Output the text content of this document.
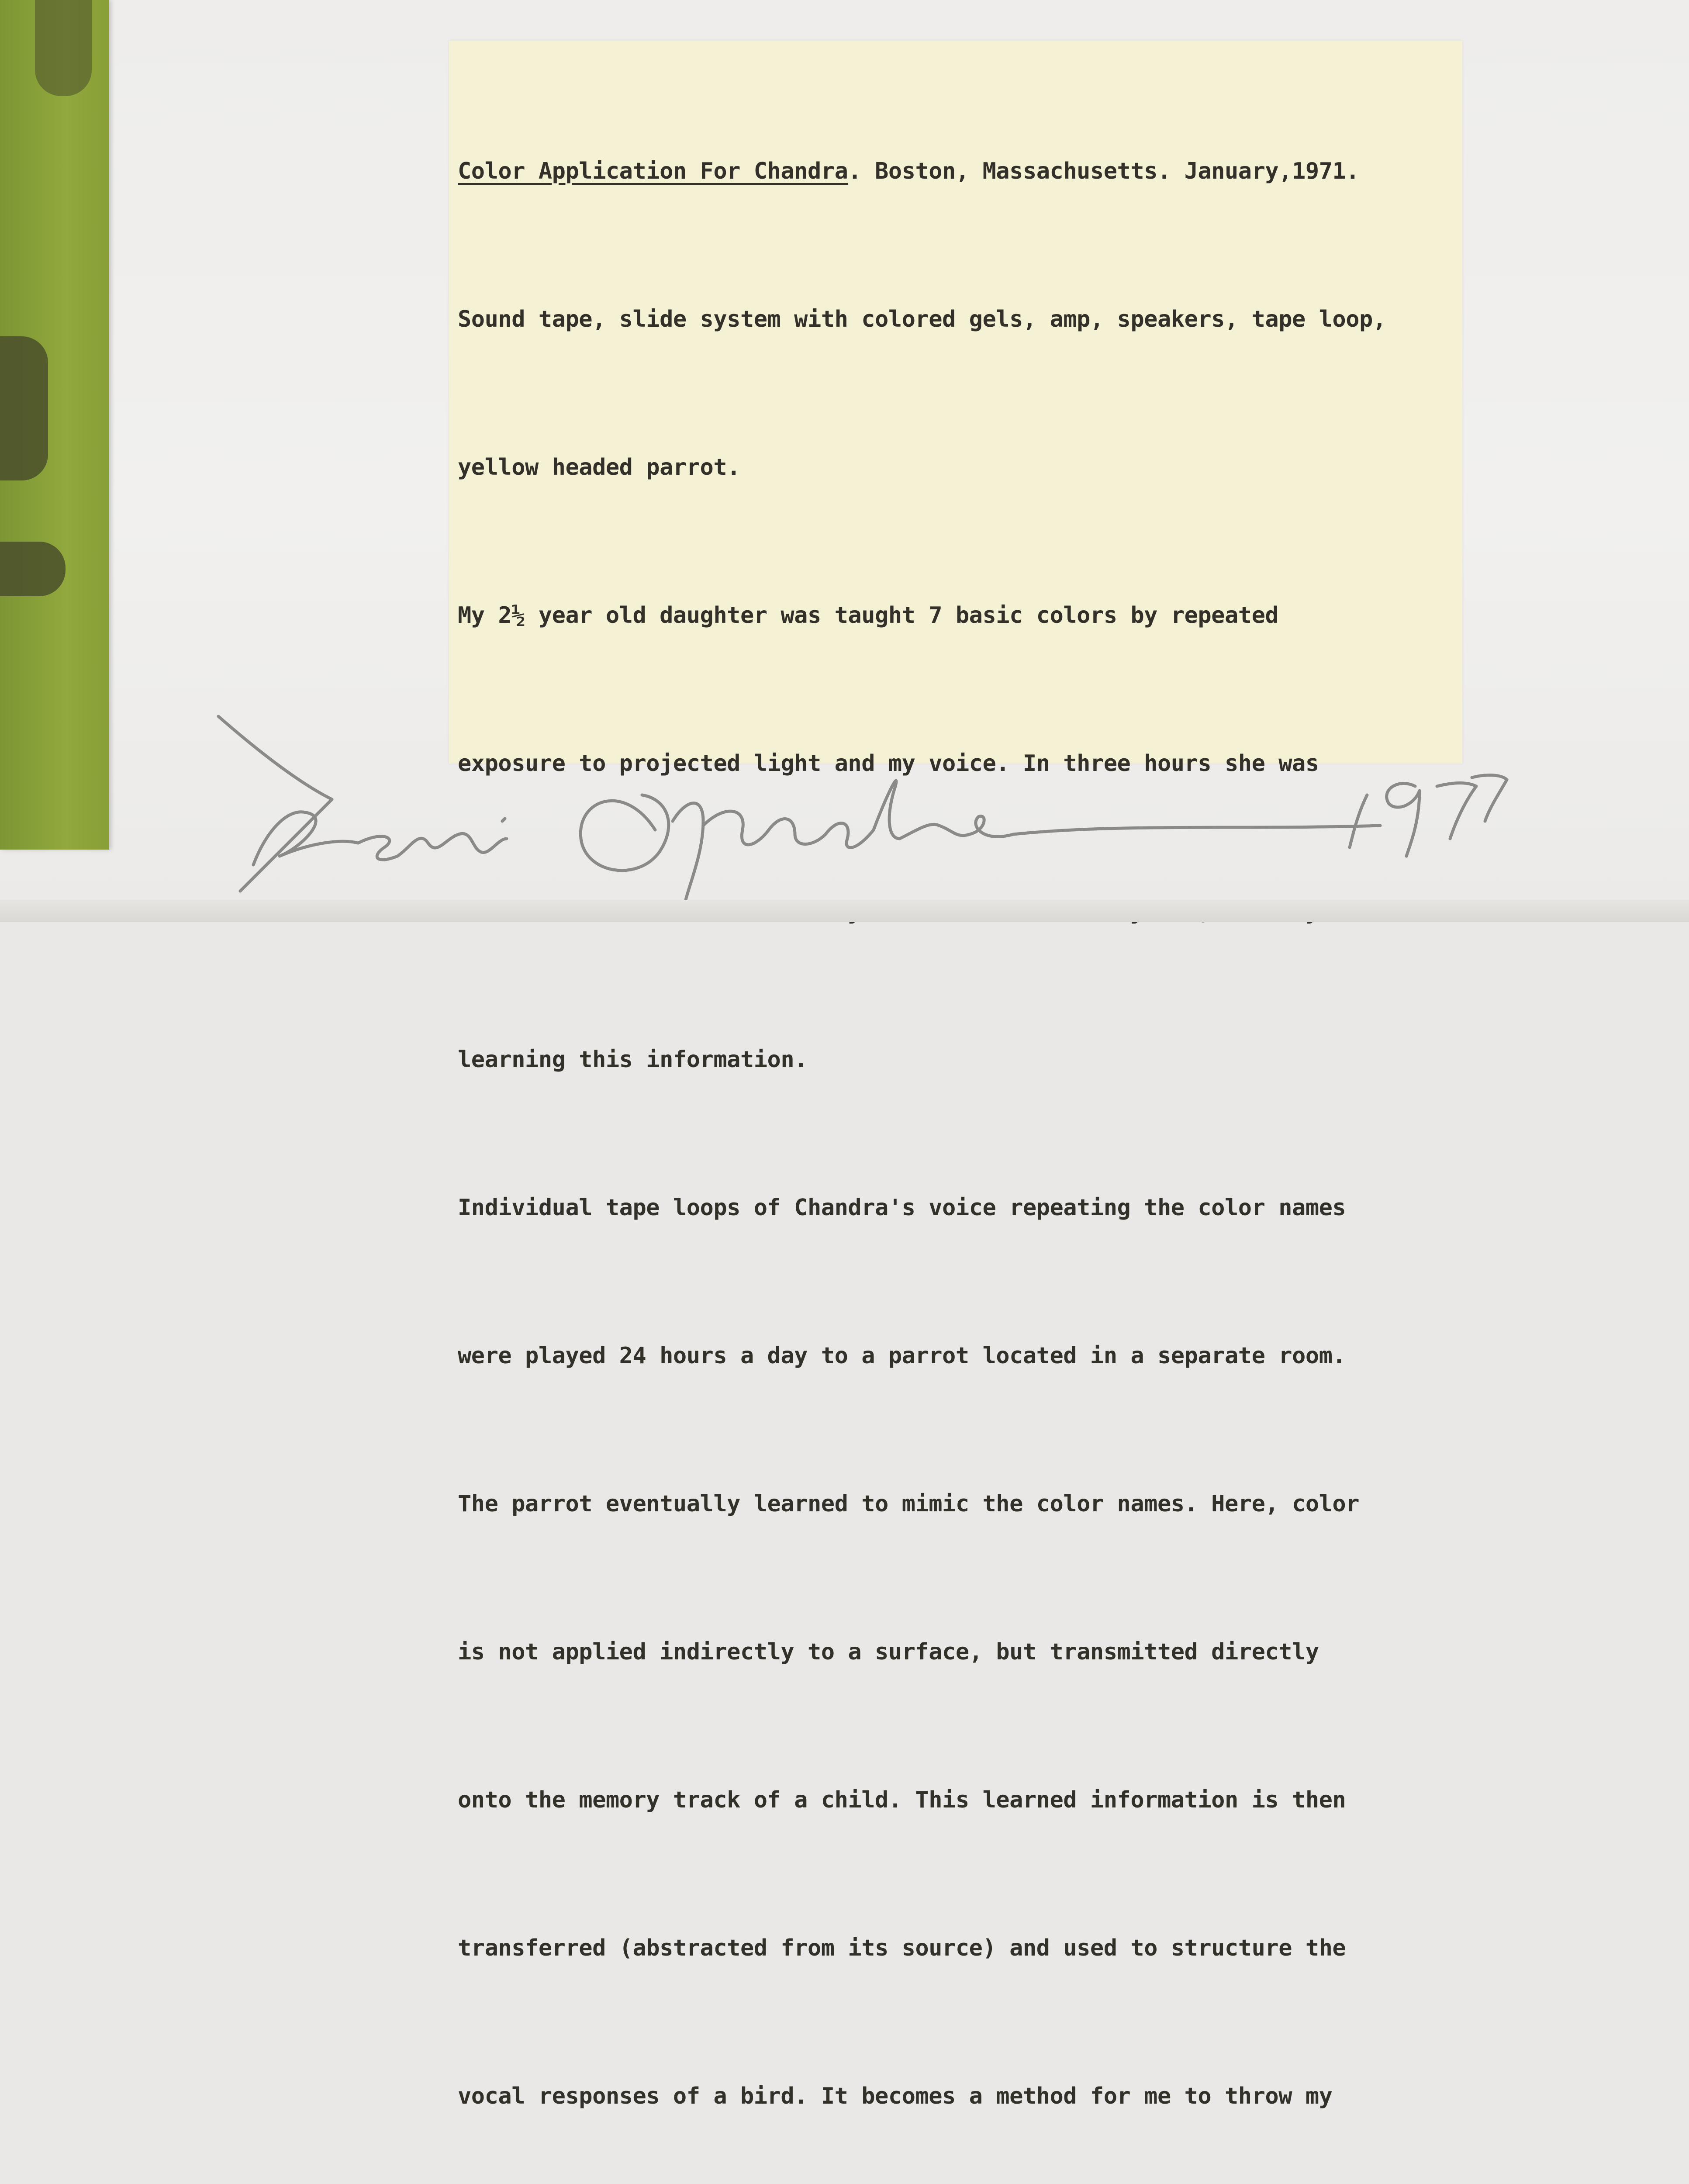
Color Application For Chandra. Boston, Massachusetts. January,1971.

Sound tape, slide system with colored gels, amp, speakers, tape loop,

yellow headed parrot.

My 2½ year old daughter was taught 7 basic colors by repeated

exposure to projected light and my voice. In three hours she was

learning this information.

Individual tape loops of Chandra's voice repeating the color names

were played 24 hours a day to a parrot located in a separate room.

The parrot eventually learned to mimic the color names. Here, color

is not applied indirectly to a surface, but transmitted directly

onto the memory track of a child. This learned information is then

transferred (abstracted from its source) and used to structure the

vocal responses of a bird. It becomes a method for me to throw my
